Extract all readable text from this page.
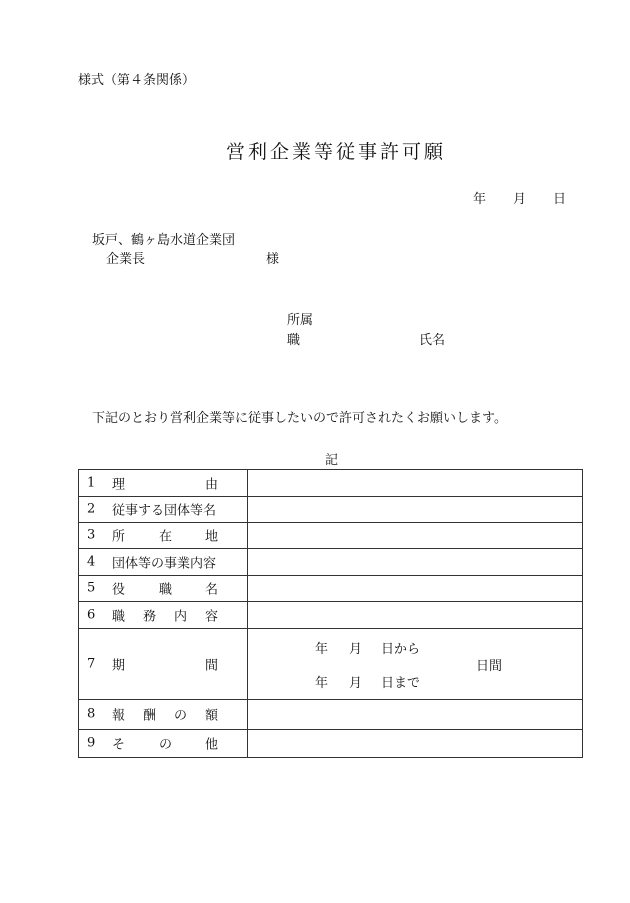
様式（第４条関係）
営利企業等従事許可願
年 月 日
坂戸、鶴ヶ島水道企業団
企業長	様
所属
職	氏名
下記のとおり営利企業等に従事したいので許可されたくお願いします。
記
1 理	由
2 従事する団体等名
3 所	在	地
4 団体等の事業内容
5 役	職	名
6 職 務 内 容
7 期	間
年 月 日から
日間
年 月 日まで
8 報 酬 の 額
9 そ	の	他
